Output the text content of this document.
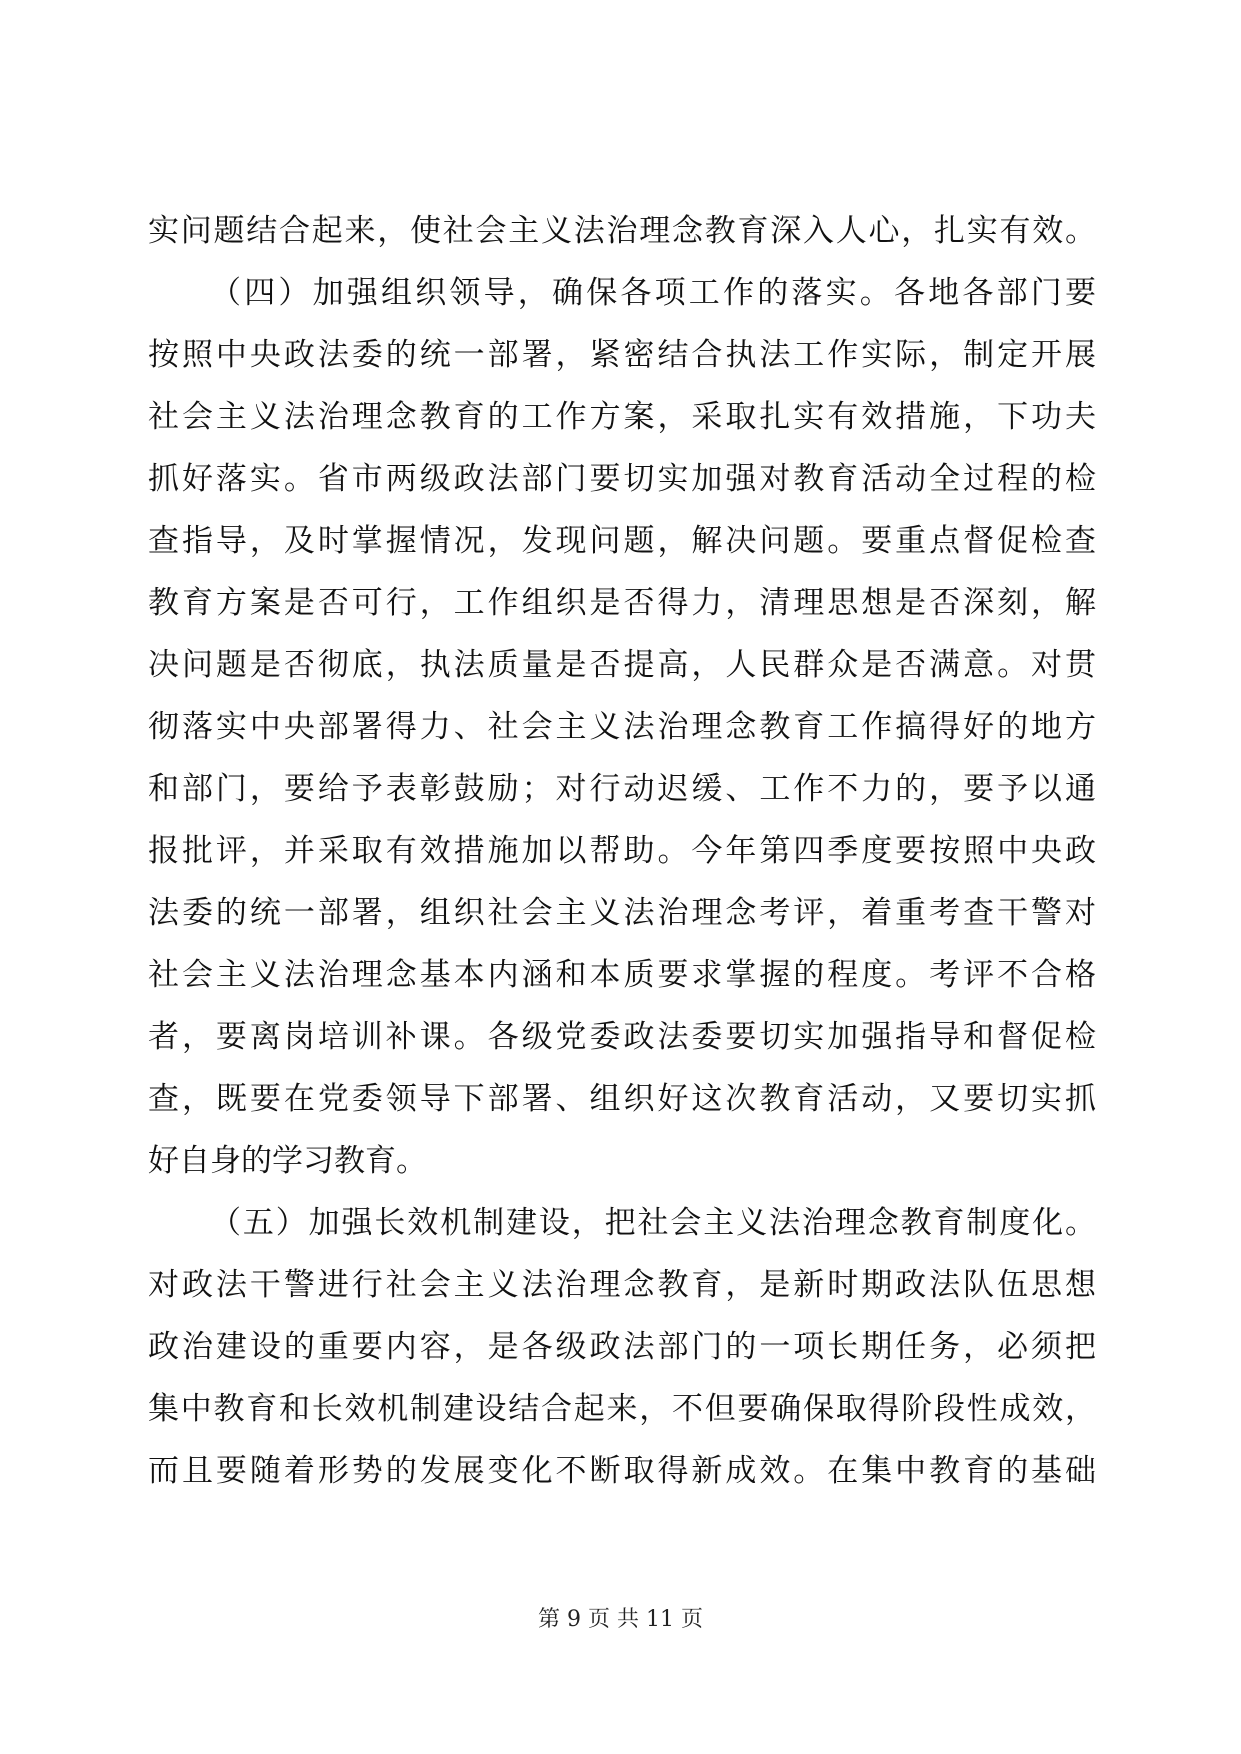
实问题结合起来，使社会主义法治理念教育深入人心，扎实有效。
（四）加强组织领导，确保各项工作的落实。各地各部门要
按照中央政法委的统一部署，紧密结合执法工作实际，制定开展
社会主义法治理念教育的工作方案，采取扎实有效措施，下功夫
抓好落实。省市两级政法部门要切实加强对教育活动全过程的检
查指导，及时掌握情况，发现问题，解决问题。要重点督促检查
教育方案是否可行，工作组织是否得力，清理思想是否深刻，解
决问题是否彻底，执法质量是否提高，人民群众是否满意。对贯
彻落实中央部署得力、社会主义法治理念教育工作搞得好的地方
和部门，要给予表彰鼓励；对行动迟缓、工作不力的，要予以通
报批评，并采取有效措施加以帮助。今年第四季度要按照中央政
法委的统一部署，组织社会主义法治理念考评，着重考查干警对
社会主义法治理念基本内涵和本质要求掌握的程度。考评不合格
者，要离岗培训补课。各级党委政法委要切实加强指导和督促检
查，既要在党委领导下部署、组织好这次教育活动，又要切实抓
好自身的学习教育。
（五）加强长效机制建设，把社会主义法治理念教育制度化。
对政法干警进行社会主义法治理念教育，是新时期政法队伍思想
政治建设的重要内容，是各级政法部门的一项长期任务，必须把
集中教育和长效机制建设结合起来，不但要确保取得阶段性成效，
而且要随着形势的发展变化不断取得新成效。在集中教育的基础
第 9 页 共 11 页
